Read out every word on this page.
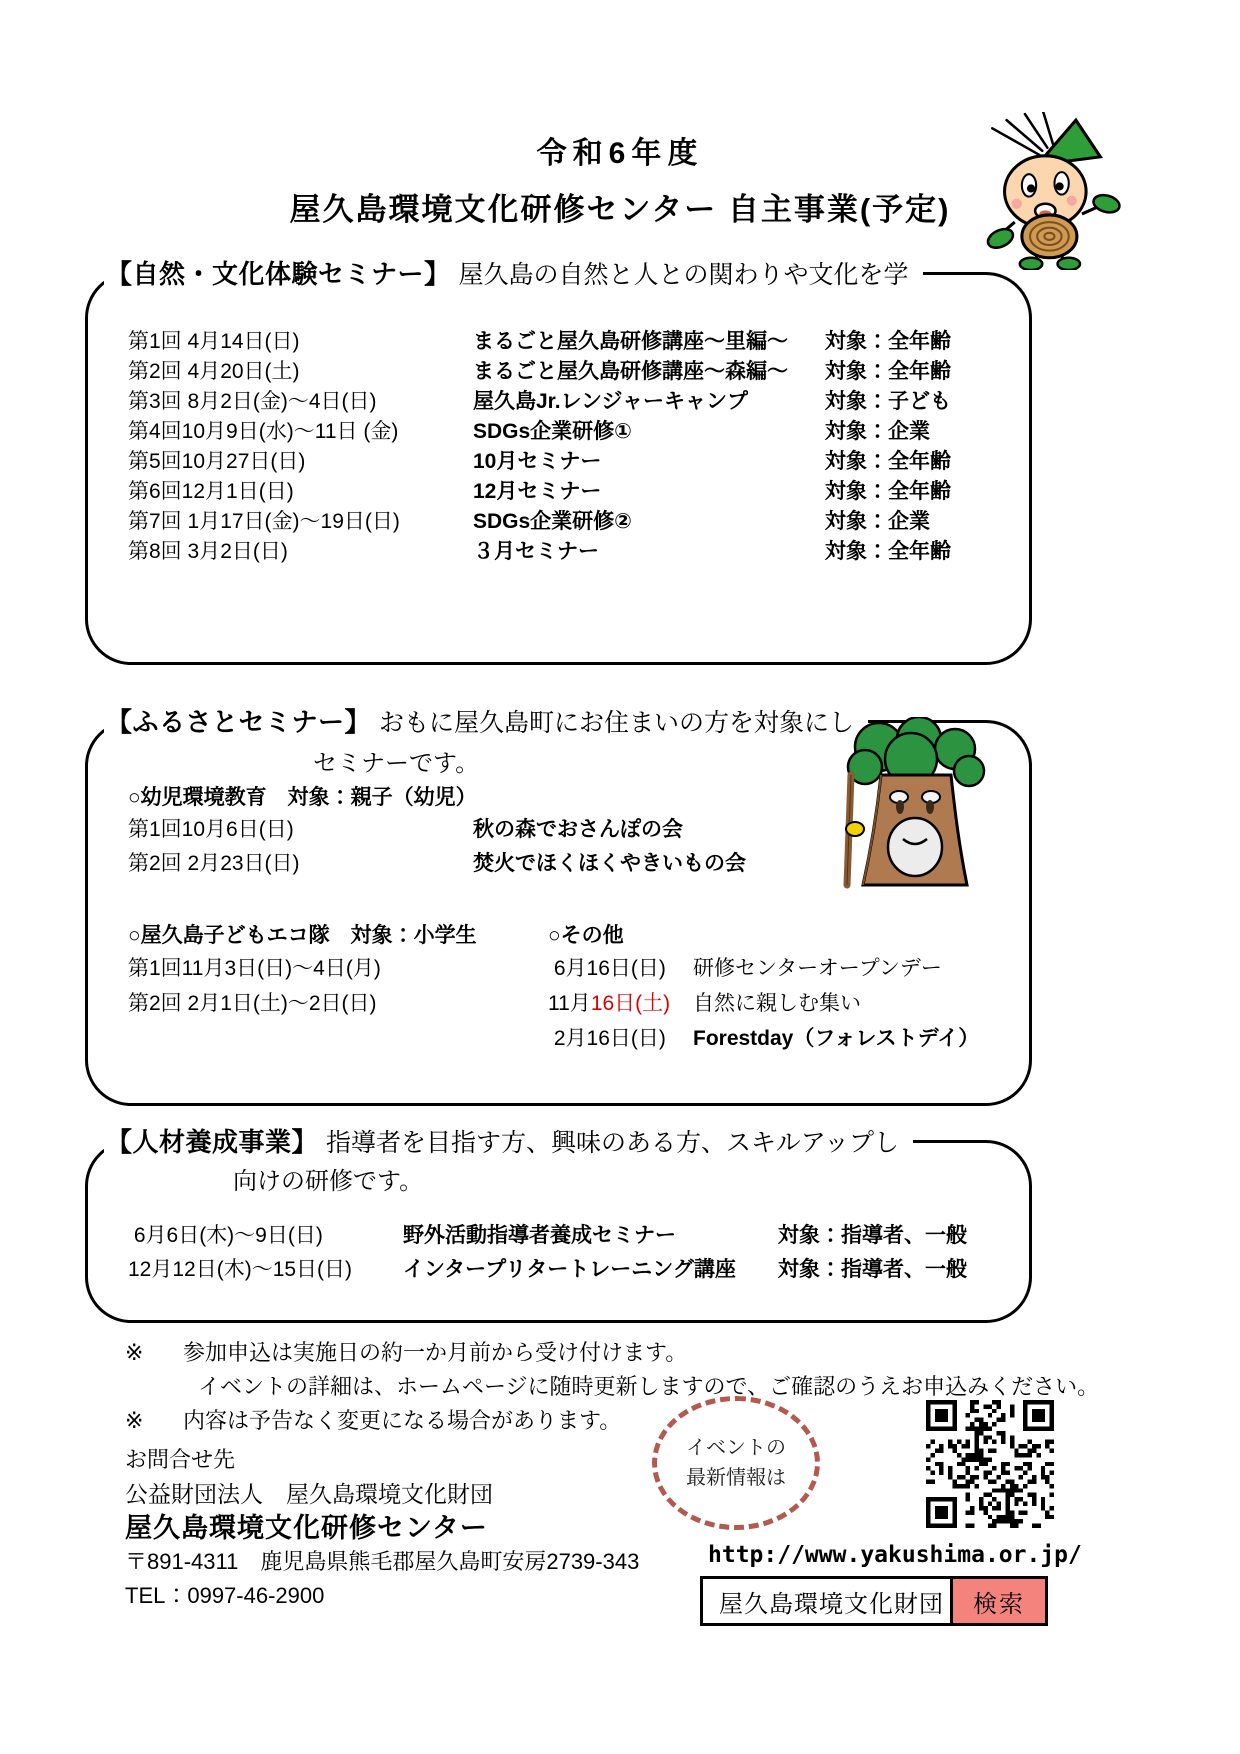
令和6年度
屋久島環境文化研修センター 自主事業(予定)
【自然・文化体験セミナー】 屋久島の自然と人との関わりや文化を学
第1回 4月14日(日)	まるごと屋久島研修講座～里編～	対象：全年齢
第2回 4月20日(土)	まるごと屋久島研修講座～森編～	対象：全年齢
第3回 8月2日(金)～4日(日)	屋久島Jr.レンジャーキャンプ	対象：子ども
第4回10月9日(水)～11日 (金)	SDGs企業研修①	対象：企業
第5回10月27日(日)	10月セミナー	対象：全年齢
第6回12月1日(日)	12月セミナー	対象：全年齢
第7回 1月17日(金)～19日(日)	SDGs企業研修②	対象：企業
第8回 3月2日(日)	３月セミナー	対象：全年齢
【ふるさとセミナー】 おもに屋久島町にお住まいの方を対象にし
セミナーです。
○幼児環境教育　対象：親子（幼児）
第1回10月6日(日)	秋の森でおさんぽの会
第2回 2月23日(日)	焚火でほくほくやきいもの会
○屋久島子どもエコ隊　対象：小学生	○その他
第1回11月3日(日)～4日(月)	6月16日(日)	研修センターオープンデー
第2回 2月1日(土)～2日(日)	11月16日(土)	自然に親しむ集い
2月16日(日)	Forestday（フォレストデイ）
【人材養成事業】 指導者を目指す方、興味のある方、スキルアップし
向けの研修です。
6月6日(木)～9日(日)	野外活動指導者養成セミナー	対象：指導者、一般
12月12日(木)～15日(日)	インタープリタートレーニング講座	対象：指導者、一般
※	参加申込は実施日の約一か月前から受け付けます。
イベントの詳細は、ホームページに随時更新しますので、ご確認のうえお申込みください。
※	内容は予告なく変更になる場合があります。
お問合せ先
公益財団法人　屋久島環境文化財団
屋久島環境文化研修センター
〒891-4311　鹿児島県熊毛郡屋久島町安房2739-343
TEL：0997-46-2900
イベントの
最新情報は
http://www.yakushima.or.jp/
屋久島環境文化財団	検索
